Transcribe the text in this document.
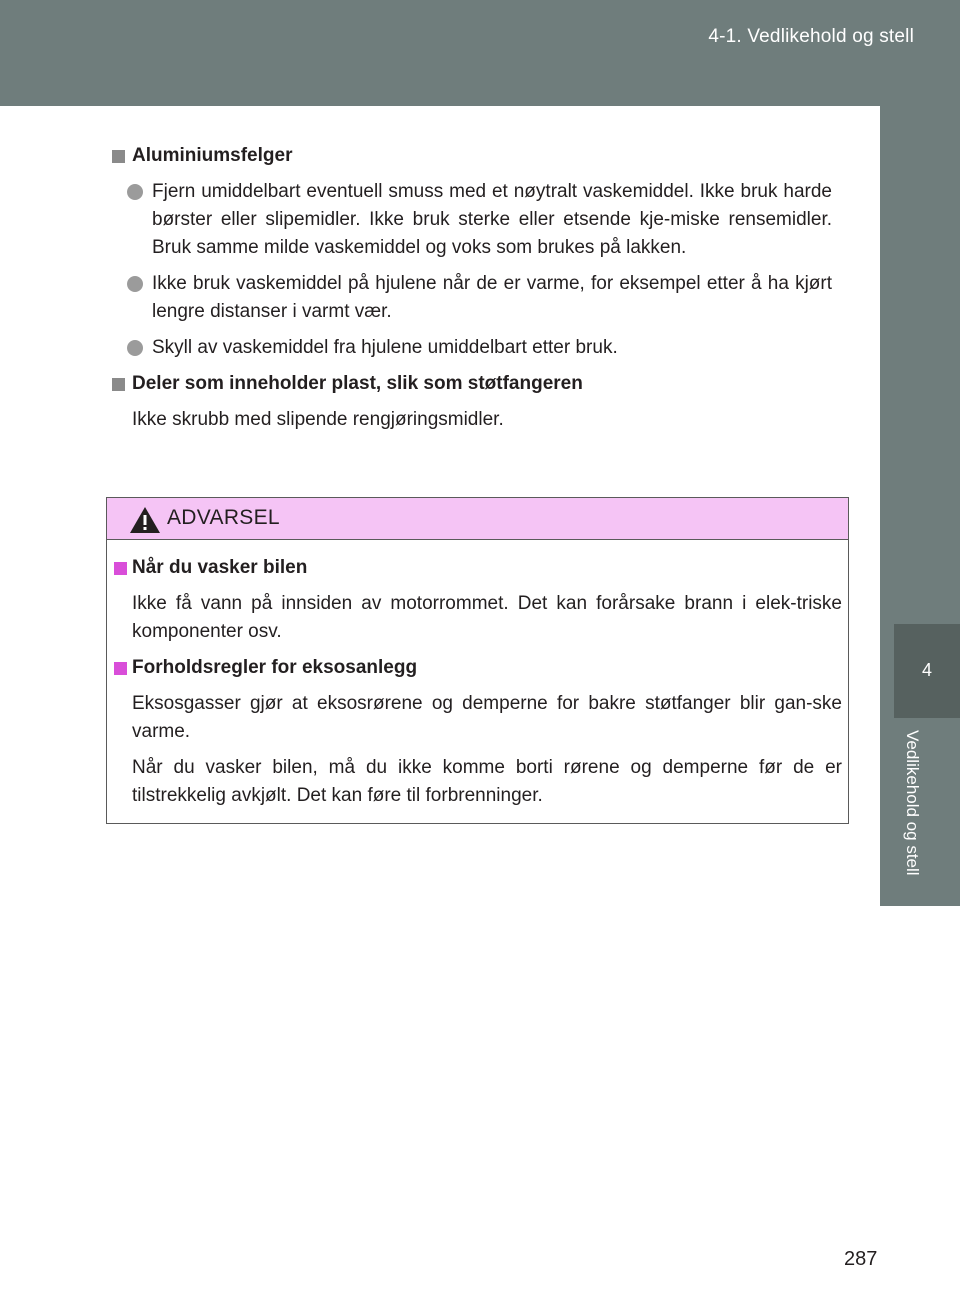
4-1. Vedlikehold og stell
4
Vedlikehold og stell
Aluminiumsfelger
Fjern umiddelbart eventuell smuss med et nøytralt vaskemiddel. Ikke bruk harde børster eller slipemidler. Ikke bruk sterke eller etsende kje-miske rensemidler. Bruk samme milde vaskemiddel og voks som brukes på lakken.
Ikke bruk vaskemiddel på hjulene når de er varme, for eksempel etter å ha kjørt lengre distanser i varmt vær.
Skyll av vaskemiddel fra hjulene umiddelbart etter bruk.
Deler som inneholder plast, slik som støtfangeren
Ikke skrubb med slipende rengjøringsmidler.
ADVARSEL
Når du vasker bilen
Ikke få vann på innsiden av motorrommet. Det kan forårsake brann i elek-triske komponenter osv.
Forholdsregler for eksosanlegg
Eksosgasser gjør at eksosrørene og demperne for bakre støtfanger blir gan-ske varme.
Når du vasker bilen, må du ikke komme borti rørene og demperne før de er tilstrekkelig avkjølt. Det kan føre til forbrenninger.
287
